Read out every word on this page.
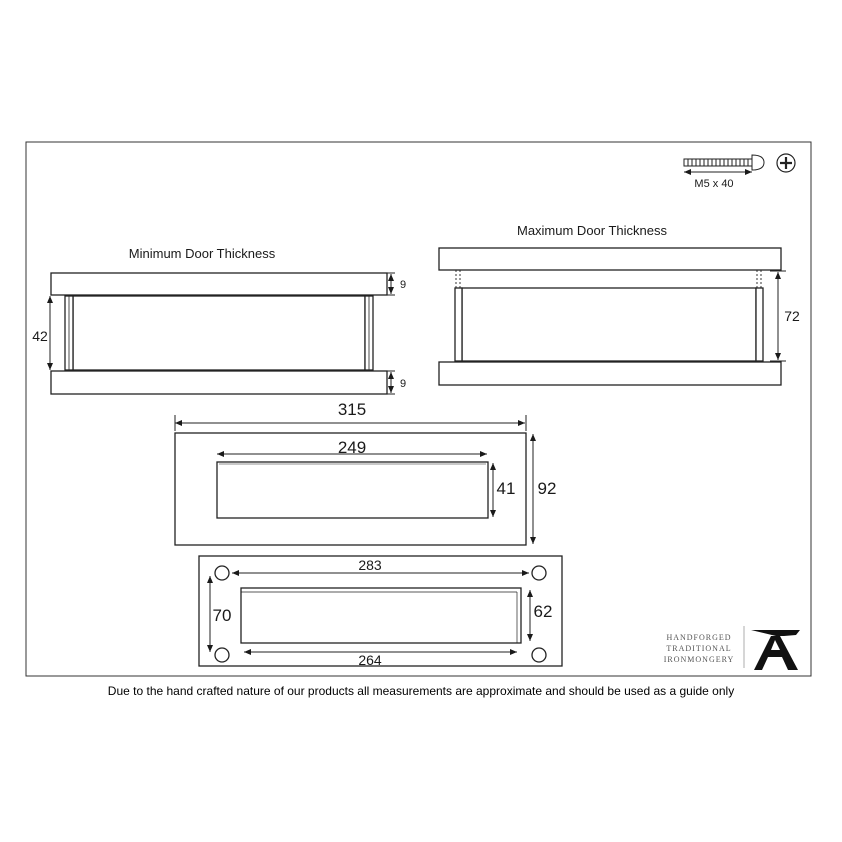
M5 x 40
Minimum Door Thickness
42
9
9
Maximum Door Thickness
72
315
249
92
41
283
264
70	62
HANDFORGED
TRADITIONAL
IRONMONGERY
Due to the hand crafted nature of our products all measurements are approximate and should be used as a guide only
